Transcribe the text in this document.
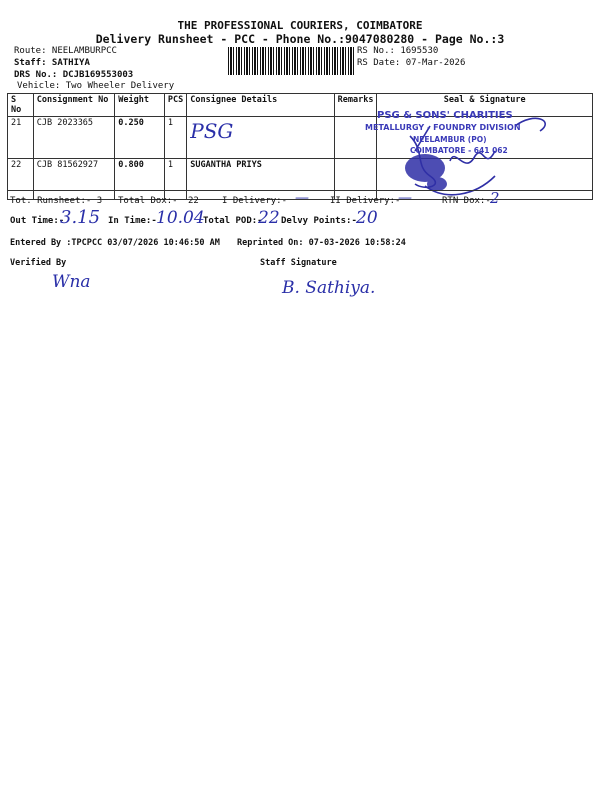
THE PROFESSIONAL COURIERS, COIMBATORE
Delivery Runsheet - PCC - Phone No.:9047080280 - Page No.:3
Route: NEELAMBURPCC
Staff: SATHIYA
DRS No.: DCJB169553003
Vehicle: Two Wheeler Delivery
RS No.: 1695530
RS Date: 07-Mar-2026
S No	Consignment No	Weight	PCS	Consignee Details	Remarks	Seal & Signature
21	CJB 2023365	0.250	1	PSG		
22	CJB 81562927	0.800	1	SUGANTHA PRIYS		
PSG & SONS' CHARITIES
METALLURGY - FOUNDRY DIVISION
NEELAMBUR (PO)
COIMBATORE - 641 062
Tot. Runsheet:- 3 Total Dox:- 22	I Delivery:- — II Delivery:-
—	RTN Dox:- 2
Out Time:-
3.15 In Time:- 10.04
Total POD:-
22 Delvy Points:- 20
Entered By :TPCPCC 03/07/2026 10:46:50 AM Reprinted On: 07-03-2026 10:58:24
Verified By
Wna
Staff Signature
B. Sathiya.
